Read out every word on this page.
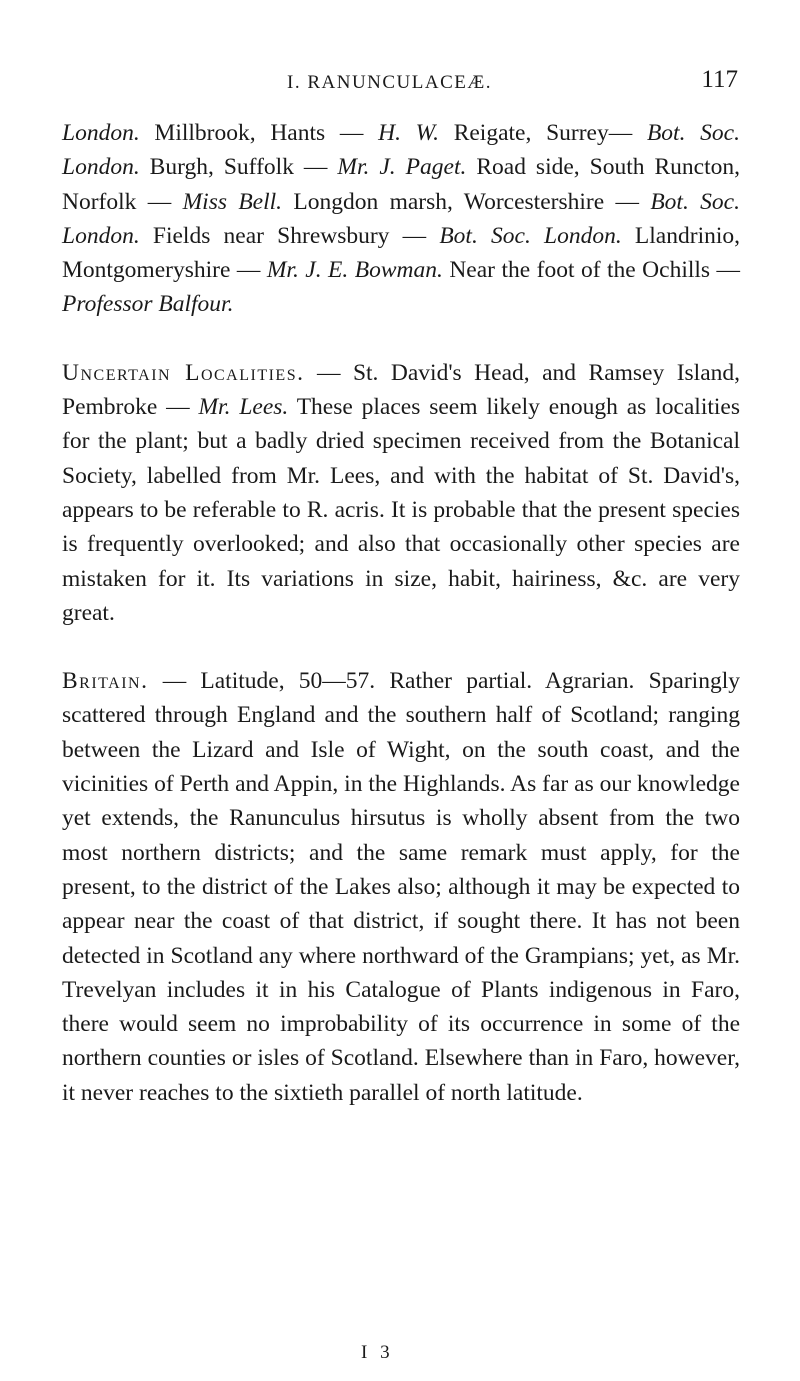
I. RANUNCULACEÆ.	117

London. Millbrook, Hants — H. W. Reigate, Surrey— Bot. Soc. London. Burgh, Suffolk — Mr. J. Paget. Road side, South Runcton, Norfolk — Miss Bell. Longdon marsh, Worcestershire — Bot. Soc. London. Fields near Shrewsbury — Bot. Soc. London. Llandrinio, Montgomeryshire — Mr. J. E. Bowman. Near the foot of the Ochills — Professor Balfour.

Uncertain Localities. — St. David's Head, and Ramsey Island, Pembroke — Mr. Lees. These places seem likely enough as localities for the plant; but a badly dried specimen received from the Botanical Society, labelled from Mr. Lees, and with the habitat of St. David's, appears to be referable to R. acris. It is probable that the present species is frequently overlooked; and also that occasionally other species are mistaken for it. Its variations in size, habit, hairiness, &c. are very great.

Britain. — Latitude, 50—57. Rather partial. Agrarian. Sparingly scattered through England and the southern half of Scotland; ranging between the Lizard and Isle of Wight, on the south coast, and the vicinities of Perth and Appin, in the Highlands. As far as our knowledge yet extends, the Ranunculus hirsutus is wholly absent from the two most northern districts; and the same remark must apply, for the present, to the district of the Lakes also; although it may be expected to appear near the coast of that district, if sought there. It has not been detected in Scotland any where northward of the Grampians; yet, as Mr. Trevelyan includes it in his Catalogue of Plants indigenous in Faro, there would seem no improbability of its occurrence in some of the northern counties or isles of Scotland. Elsewhere than in Faro, however, it never reaches to the sixtieth parallel of north latitude.

I 3
